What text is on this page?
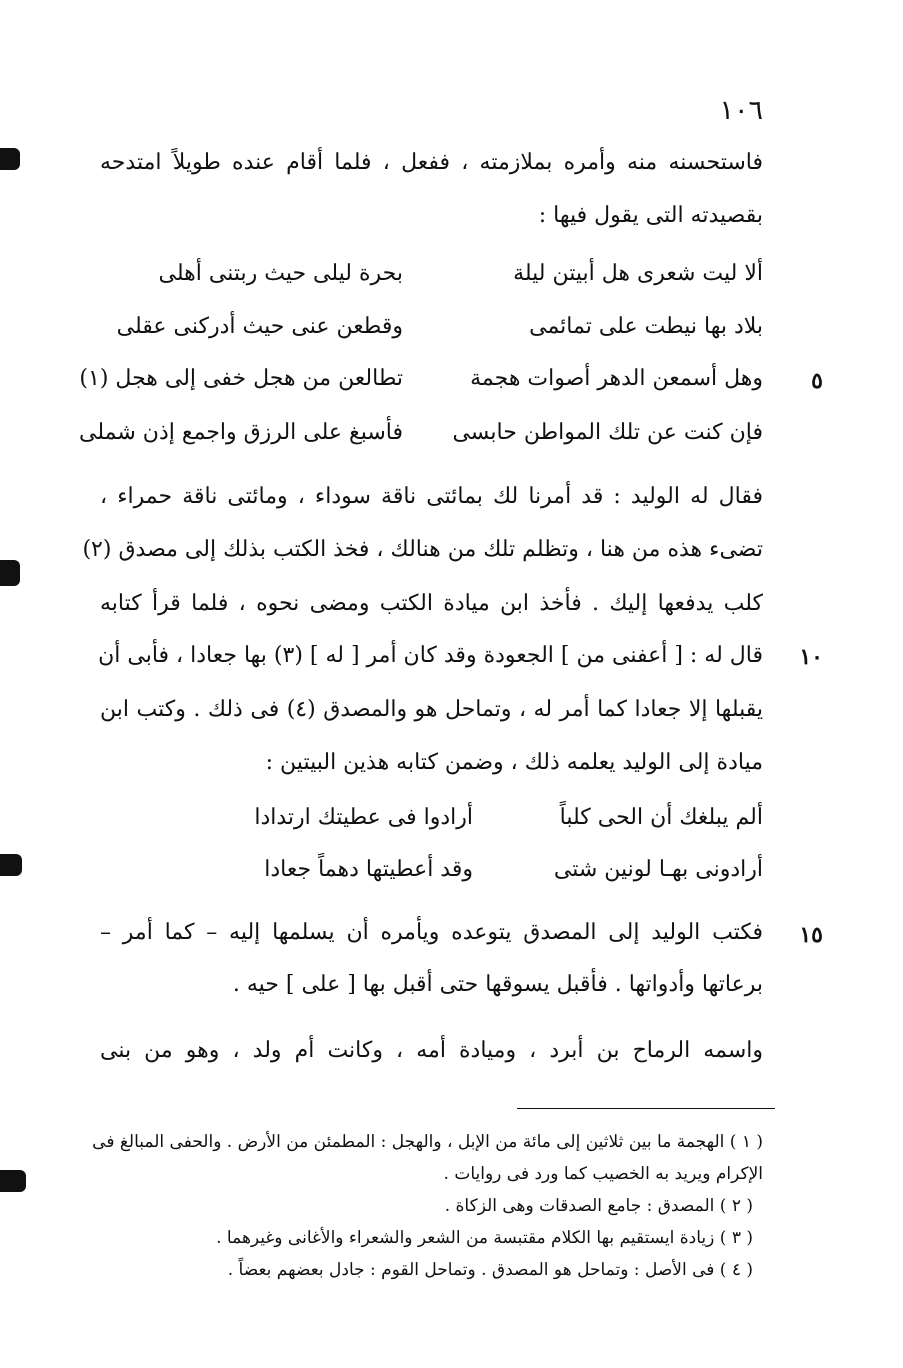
١٠٦
فاستحسنه منه وأمره بملازمته ، ففعل ، فلما أقام عنده طويلاً امتدحه
بقصيدته التى يقول فيها :
ألا ليت شعرى هل أبيتن ليلة
بحرة ليلى حيث ربتنى أهلى
بلاد بها نيطت على تمائمى
وقطعن عنى حيث أدركنى عقلى
٥
وهل أسمعن الدهر أصوات هجمة
تطالعن من هجل خفى إلى هجل (١)
فإن كنت عن تلك المواطن حابسى
فأسبغ على الرزق واجمع إذن شملى
فقال له الوليد : قد أمرنا لك بمائتى ناقة سوداء ، ومائتى ناقة حمراء ،
تضىء هذه من هنا ، وتظلم تلك من هنالك ، فخذ الكتب بذلك إلى مصدق (٢)
كلب يدفعها إليك . فأخذ ابن ميادة الكتب ومضى نحوه ، فلما قرأ كتابه
١٠
قال له : [ أعفنى من ] الجعودة وقد كان أمر [ له ] (٣) بها جعادا ، فأبى أن
يقبلها إلا جعادا كما أمر له ، وتماحل هو والمصدق (٤) فى ذلك . وكتب ابن
ميادة إلى الوليد يعلمه ذلك ، وضمن كتابه هذين البيتين :
ألم يبلغك أن الحى كلباً
أرادوا فى عطيتك ارتدادا
أرادونى بهـا لونين شتى
وقد أعطيتها دهماً جعادا
١٥
فكتب الوليد إلى المصدق يتوعده ويأمره أن يسلمها إليه – كما أمر –
برعاتها وأدواتها . فأقبل يسوقها حتى أقبل بها [ على ] حيه .
واسمه الرماح بن أبرد ، وميادة أمه ، وكانت أم ولد ، وهو من بنى
( ١ ) الهجمة ما بين ثلاثين إلى مائة من الإبل ، والهجل : المطمئن من الأرض . والحفى المبالغ فى
الإكرام ويريد به الخصيب كما ورد فى روايات .
( ٢ ) المصدق : جامع الصدقات وهى الزكاة .
( ٣ ) زيادة ايستقيم بها الكلام مقتبسة من الشعر والشعراء والأغانى وغيرهما .
( ٤ ) فى الأصل : وتماحل هو المصدق . وتماحل القوم : جادل بعضهم بعضاً .
